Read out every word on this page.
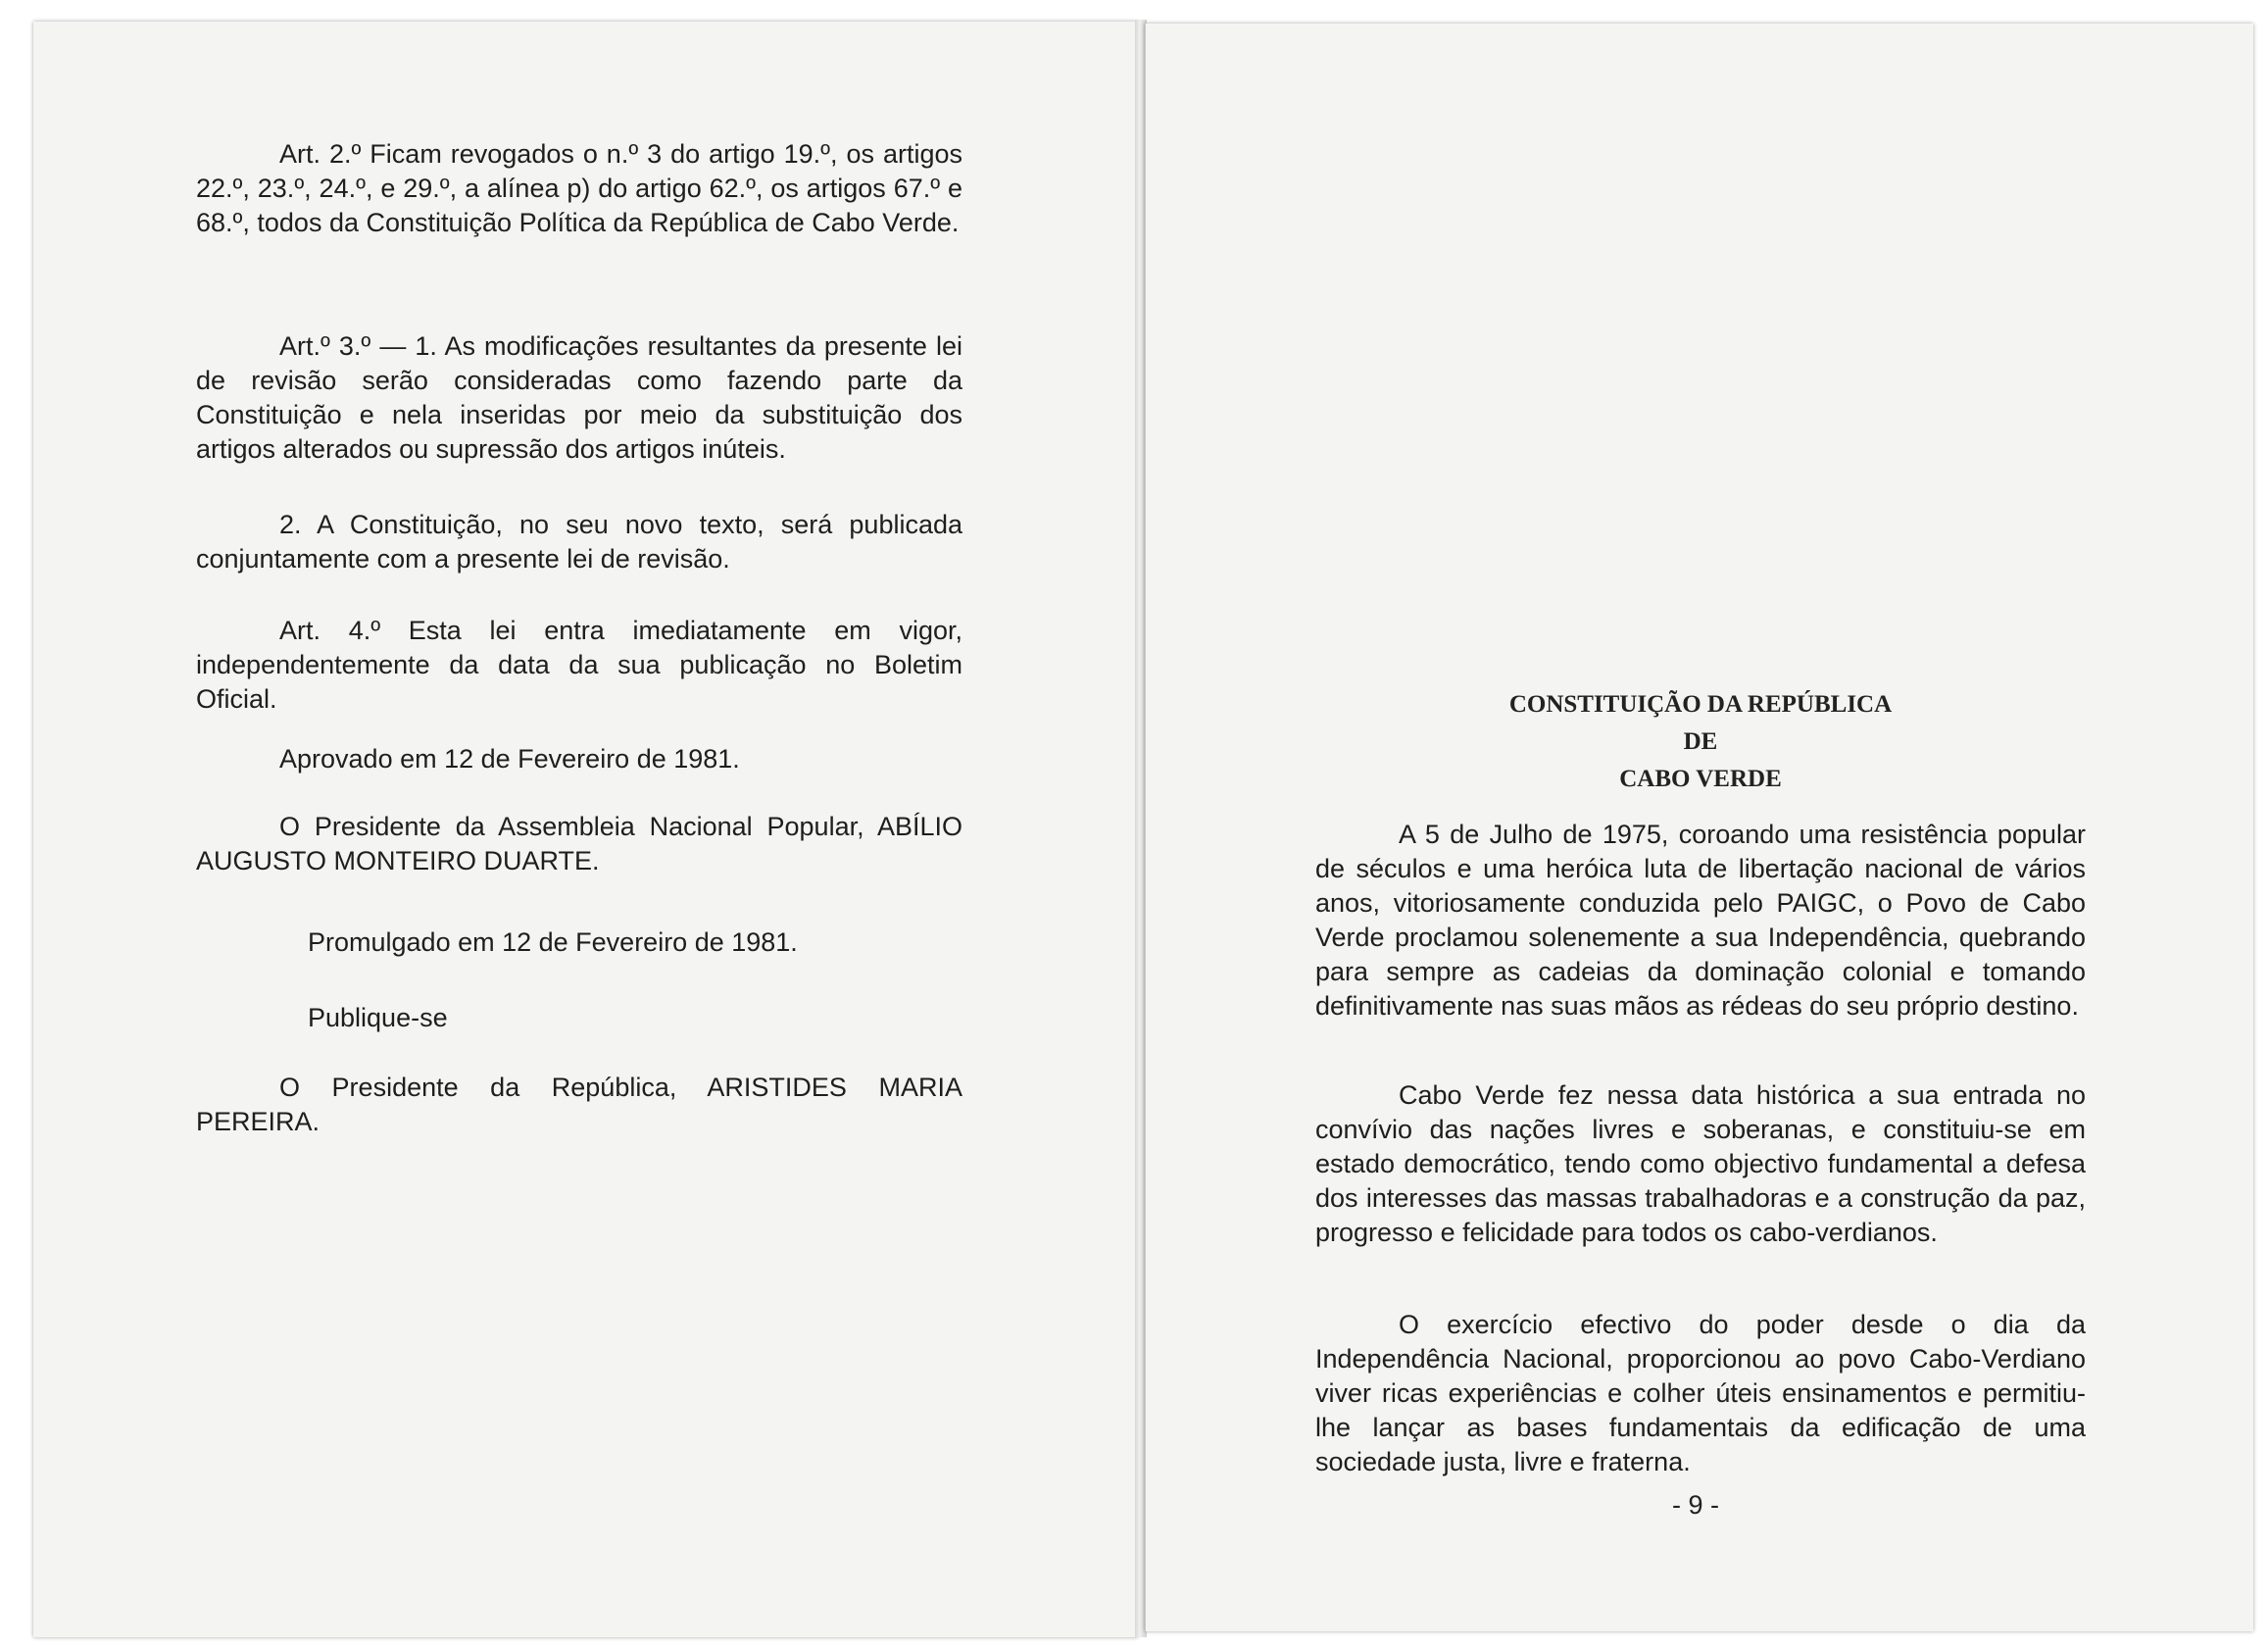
Art. 2.º Ficam revogados o n.º 3 do artigo 19.º, os artigos 22.º, 23.º, 24.º, e 29.º, a alínea p) do artigo 62.º, os artigos 67.º e 68.º, todos da Constituição Política da República de Cabo Verde.

Art.º 3.º — 1. As modificações resultantes da presente lei de revisão serão consideradas como fazendo parte da Constituição e nela inseridas por meio da substituição dos artigos alterados ou supressão dos artigos inúteis.

2. A Constituição, no seu novo texto, será publicada conjuntamente com a presente lei de revisão.

Art. 4.º Esta lei entra imediatamente em vigor, independentemente da data da sua publicação no Boletim Oficial.

Aprovado em 12 de Fevereiro de 1981.

O Presidente da Assembleia Nacional Popular, ABÍLIO AUGUSTO MONTEIRO DUARTE.

Promulgado em 12 de Fevereiro de 1981.
Publique-se

O Presidente da República, ARISTIDES MARIA PEREIRA.

CONSTITUIÇÃO DA REPÚBLICA
DE
CABO VERDE

A 5 de Julho de 1975, coroando uma resistência popular de séculos e uma heróica luta de libertação nacional de vários anos, vitoriosamente conduzida pelo PAIGC, o Povo de Cabo Verde proclamou solenemente a sua Independência, quebrando para sempre as cadeias da dominação colonial e tomando definitivamente nas suas mãos as rédeas do seu próprio destino.

Cabo Verde fez nessa data histórica a sua entrada no convívio das nações livres e soberanas, e constituiu-se em estado democrático, tendo como objectivo fundamental a defesa dos interesses das massas trabalhadoras e a construção da paz, progresso e felicidade para todos os cabo-verdianos.

O exercício efectivo do poder desde o dia da Independência Nacional, proporcionou ao povo Cabo-Verdiano viver ricas experiências e colher úteis ensinamentos e permitiu-lhe lançar as bases fundamentais da edificação de uma sociedade justa, livre e fraterna.

- 9 -
